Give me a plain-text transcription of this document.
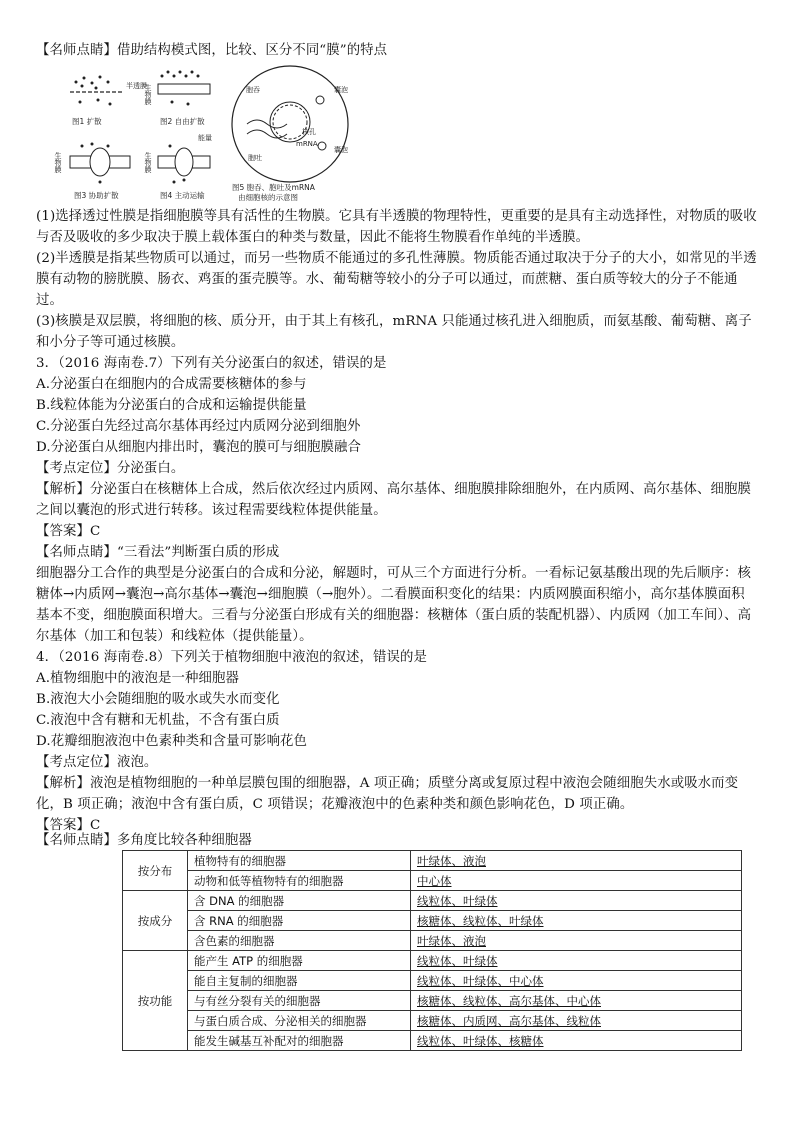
【名师点睛】借助结构模式图，比较、区分不同“膜”的特点

半透膜
图1 扩散
生物膜
图2 自由扩散
生物膜
图3 协助扩散
生物膜
能量
图4 主动运输
胞吞	囊泡
核孔
mRNA
胞吐
囊泡
图5 胞吞、胞吐及mRNA
由细胞核的示意图

(1)选择透过性膜是指细胞膜等具有活性的生物膜。它具有半透膜的物理特性，更重要的是具有主动选择性，对物质的吸收与否及吸收的多少取决于膜上载体蛋白的种类与数量，因此不能将生物膜看作单纯的半透膜。

(2)半透膜是指某些物质可以通过，而另一些物质不能通过的多孔性薄膜。物质能否通过取决于分子的大小，如常见的半透膜有动物的膀胱膜、肠衣、鸡蛋的蛋壳膜等。水、葡萄糖等较小的分子可以通过，而蔗糖、蛋白质等较大的分子不能通过。

(3)核膜是双层膜，将细胞的核、质分开，由于其上有核孔，mRNA 只能通过核孔进入细胞质，而氨基酸、葡萄糖、离子和小分子等可通过核膜。

3．（2016 海南卷.7）下列有关分泌蛋白的叙述，错误的是

A.分泌蛋白在细胞内的合成需要核糖体的参与

B.线粒体能为分泌蛋白的合成和运输提供能量

C.分泌蛋白先经过高尔基体再经过内质网分泌到细胞外

D.分泌蛋白从细胞内排出时，囊泡的膜可与细胞膜融合

【考点定位】分泌蛋白。

【解析】分泌蛋白在核糖体上合成，然后依次经过内质网、高尔基体、细胞膜排除细胞外，在内质网、高尔基体、细胞膜之间以囊泡的形式进行转移。该过程需要线粒体提供能量。

【答案】C

【名师点睛】“三看法”判断蛋白质的形成

细胞器分工合作的典型是分泌蛋白的合成和分泌，解题时，可从三个方面进行分析。一看标记氨基酸出现的先后顺序：核糖体→内质网→囊泡→高尔基体→囊泡→细胞膜（→胞外）。二看膜面积变化的结果：内质网膜面积缩小，高尔基体膜面积基本不变，细胞膜面积增大。三看与分泌蛋白形成有关的细胞器：核糖体（蛋白质的装配机器）、内质网（加工车间）、高尔基体（加工和包装）和线粒体（提供能量）。

4．（2016 海南卷.8）下列关于植物细胞中液泡的叙述，错误的是

A.植物细胞中的液泡是一种细胞器

B.液泡大小会随细胞的吸水或失水而变化

C.液泡中含有糖和无机盐，不含有蛋白质

D.花瓣细胞液泡中色素种类和含量可影响花色

【考点定位】液泡。

【解析】液泡是植物细胞的一种单层膜包围的细胞器，A 项正确；质壁分离或复原过程中液泡会随细胞失水或吸水而变化，B 项正确；液泡中含有蛋白质，C 项错误；花瓣液泡中的色素种类和颜色影响花色，D 项正确。

【答案】C

【名师点睛】多角度比较各种细胞器

按分布	植物特有的细胞器	叶绿体、液泡
	动物和低等植物特有的细胞器	中心体
按成分	含 DNA 的细胞器	线粒体、叶绿体
	含 RNA 的细胞器	核糖体、线粒体、叶绿体
	含色素的细胞器	叶绿体、液泡
按功能	能产生 ATP 的细胞器	线粒体、叶绿体
	能自主复制的细胞器	线粒体、叶绿体、中心体
	与有丝分裂有关的细胞器	核糖体、线粒体、高尔基体、中心体
	与蛋白质合成、分泌相关的细胞器	核糖体、内质网、高尔基体、线粒体
	能发生碱基互补配对的细胞器	线粒体、叶绿体、核糖体
